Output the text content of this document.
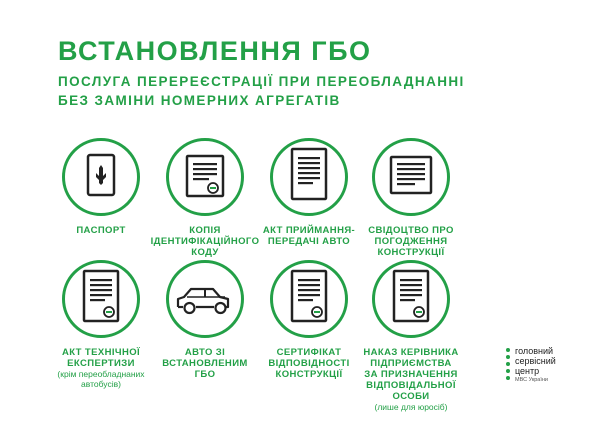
ВСТАНОВЛЕННЯ ГБО
ПОСЛУГА ПЕРЕРЕЄСТРАЦІЇ ПРИ ПЕРЕОБЛАДНАННІ
БЕЗ ЗАМІНИ НОМЕРНИХ АГРЕГАТІВ
ПАСПОРТ	КОПІЯ
ІДЕНТИФІКАЦІЙНОГО
КОДУ
АКТ ПРИЙМАННЯ-
ПЕРЕДАЧІ АВТО
СВІДОЦТВО ПРО
ПОГОДЖЕННЯ
КОНСТРУКЦІЇ
АКТ ТЕХНІЧНОЇ
ЕКСПЕРТИЗИ
(крім переобладнаних
автобусів)
АВТО ЗІ
ВСТАНОВЛЕНИМ
ГБО
СЕРТИФІКАТ
ВІДПОВІДНОСТІ
КОНСТРУКЦІЇ
НАКАЗ КЕРІВНИКА
ПІДПРИЄМСТВА
ЗА ПРИЗНАЧЕННЯ
ВІДПОВІДАЛЬНОЇ ОСОБИ
(лише для юросіб)
головний
сервісний
центр
МВС України
